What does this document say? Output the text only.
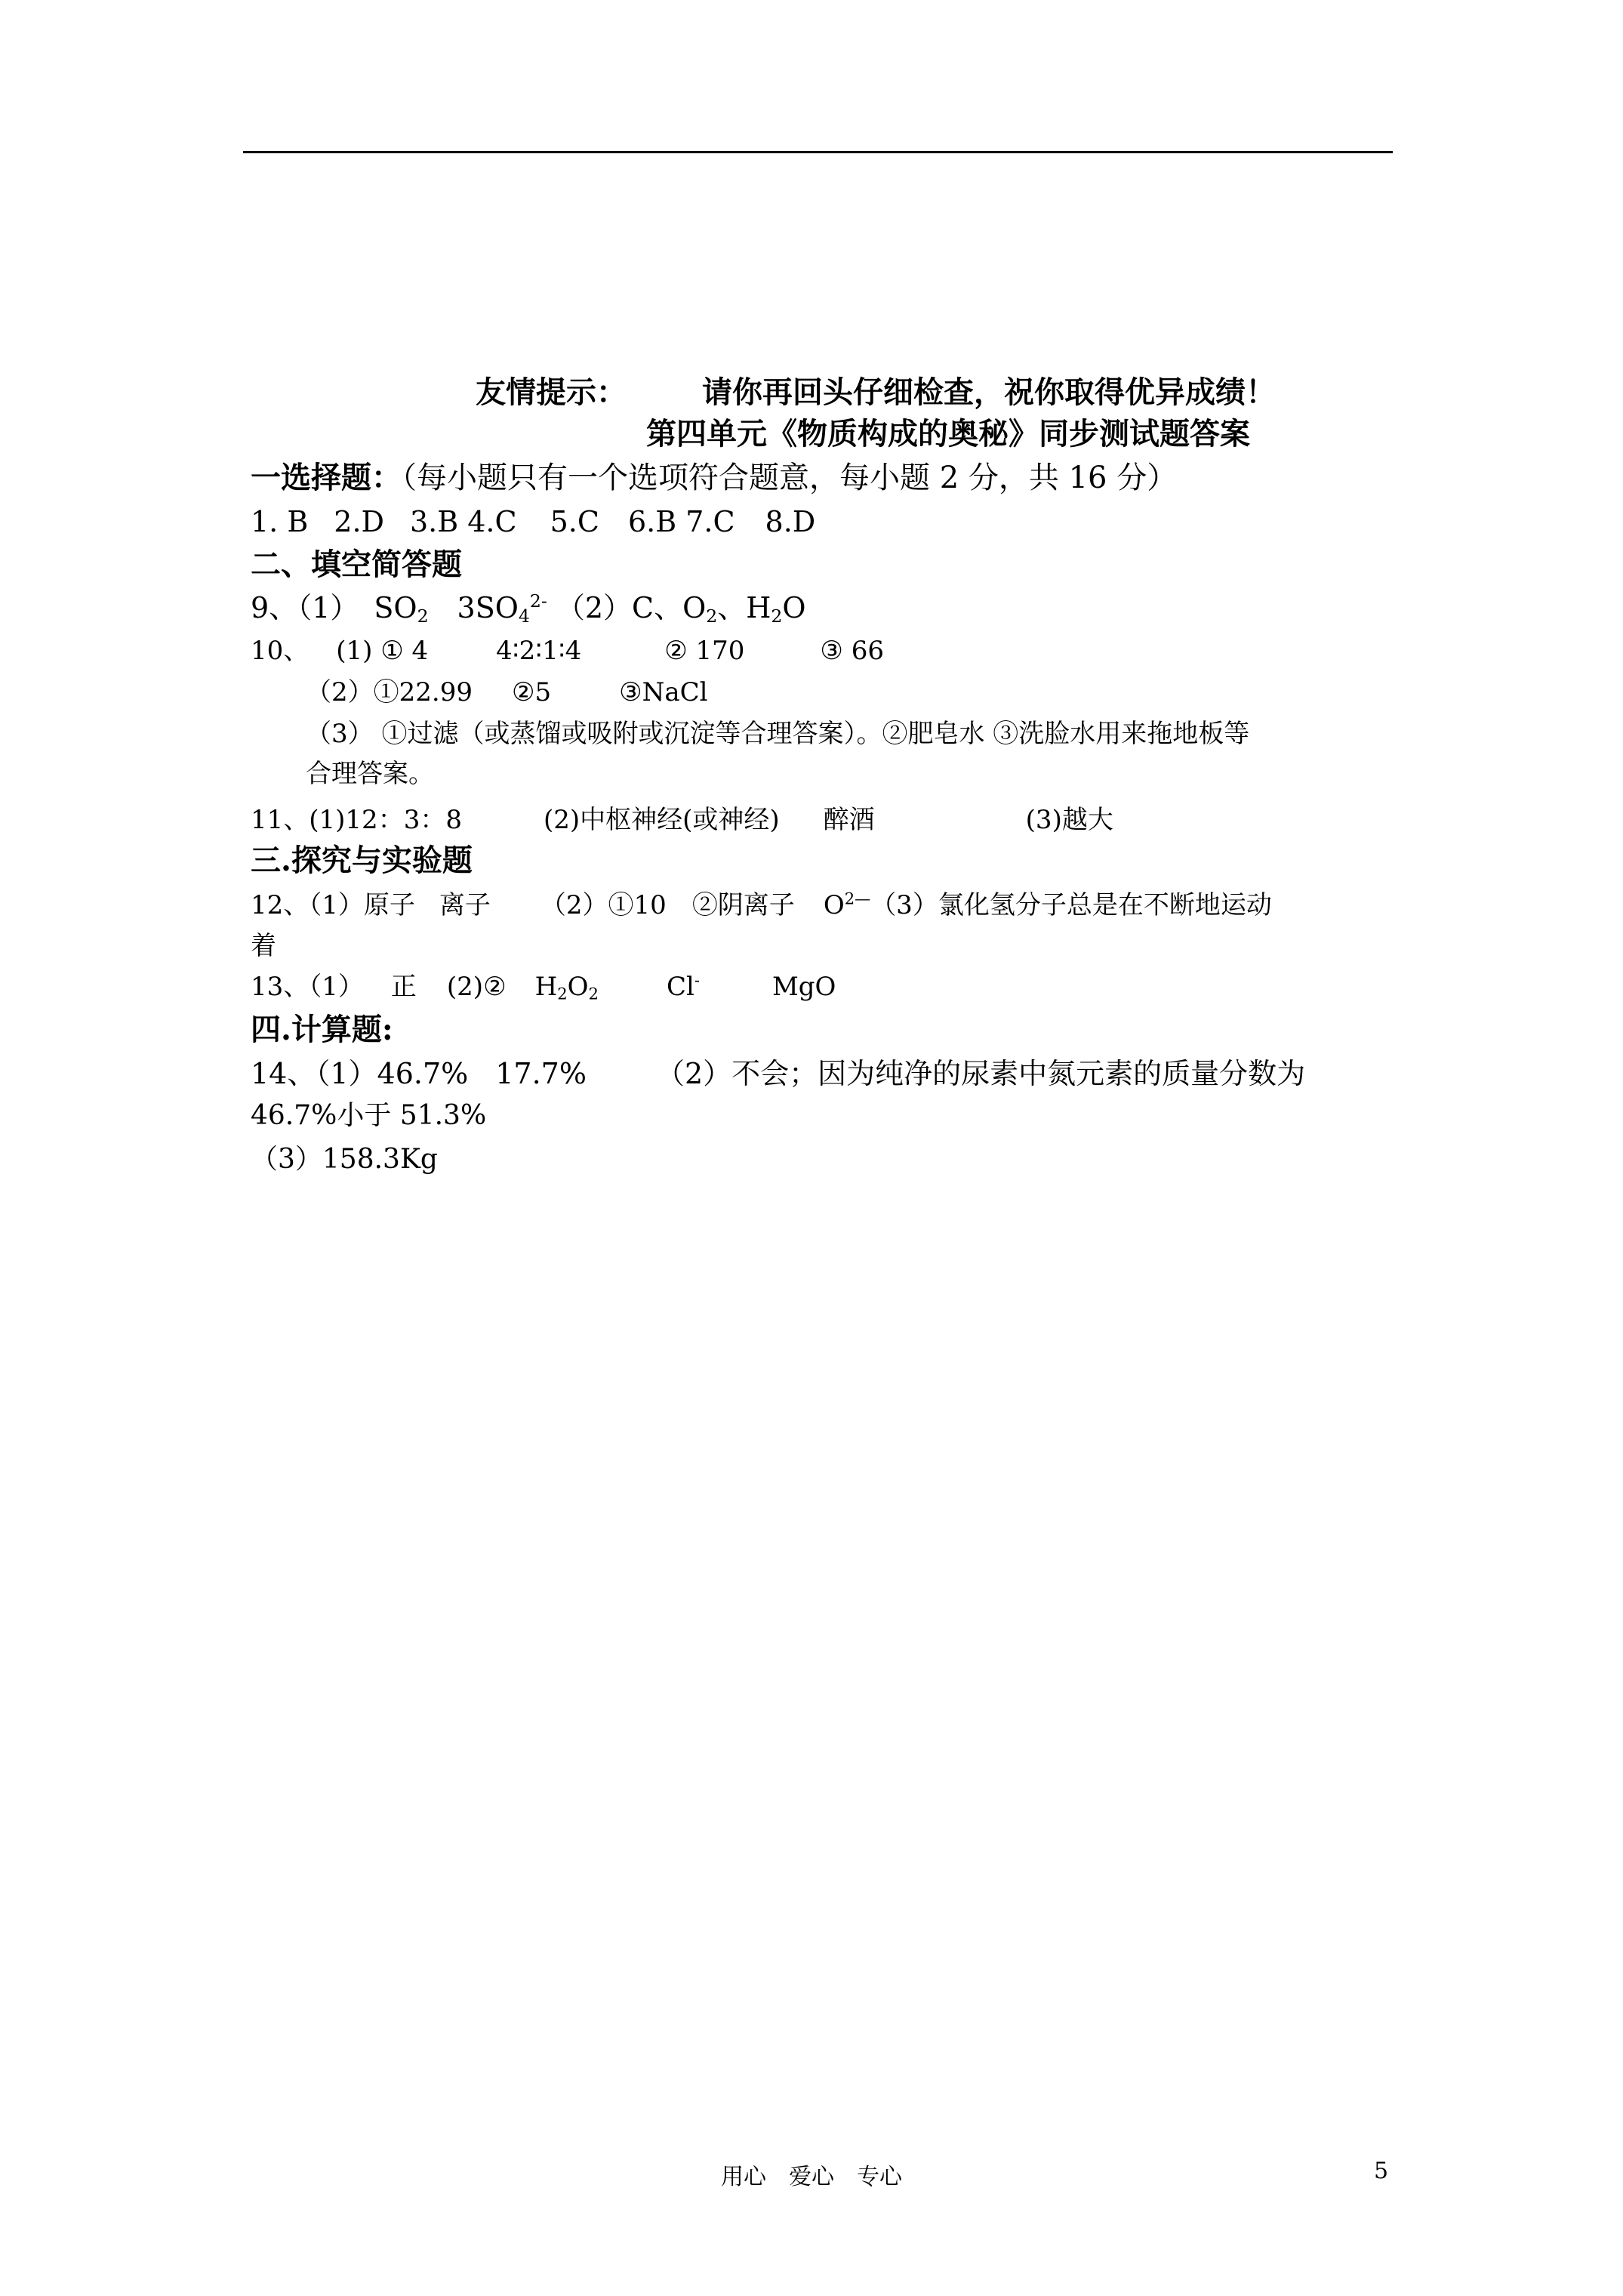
友情提示：	请你再回头仔细检查，祝你取得优异成绩！
第四单元《物质构成的奥秘》同步测试题答案
一选择题：（每小题只有一个选项符合题意，每小题 2 分，共 16 分）
1. B 2.D 3.B 4.C 5.C 6.B 7.C 8.D
二、填空简答题
9、（1） $SO_2$ $3SO_4^{2-}$ （2）C、$O_2$、$H_2O$
10、 (1) ① 4	4∶2∶1∶4	② 170	③ 66
（2）①22.99 ②5	③NaCl
（3） ①过滤（或蒸馏或吸附或沉淀等合理答案）。②肥皂水 ③洗脸水用来拖地板等
合理答案。
11、(1)12：3：8	(2)中枢神经(或神经) 醉酒	(3)越大
三.探究与实验题
12、（1）原子 离子 （2）①10 ②阴离子 $O^{2—}(3)$氯化氢分子总是在不断地运动
着
13、（1） 正 (2)② $H_2O_2$	Cl-	MgO
四.计算题:
14、（1）46.7% 17.7% （2）不会；因为纯净的尿素中氮元素的质量分数为
46.7%小于 51.3%
（3）158.3Kg
用心　爱心　专心	5
